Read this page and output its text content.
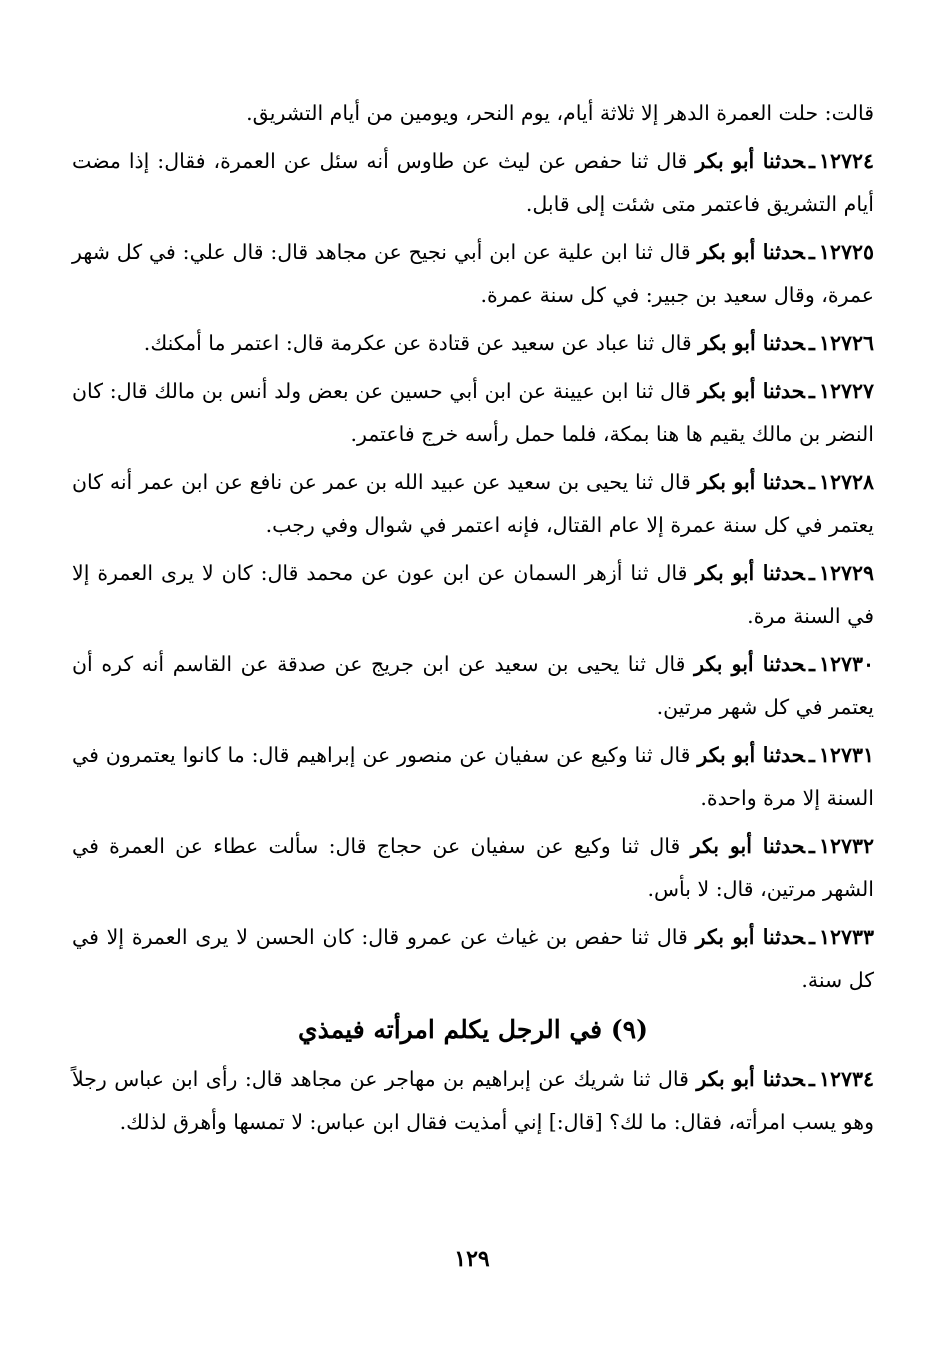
قالت: حلت العمرة الدهر إلا ثلاثة أيام، يوم النحر، ويومين من أيام التشريق.

١٢٧٢٤ـحدثنا أبو بكر قال ثنا حفص عن ليث عن طاوس أنه سئل عن العمرة، فقال: إذا مضت أيام التشريق فاعتمر متى شئت إلى قابل.

١٢٧٢٥ـحدثنا أبو بكر قال ثنا ابن علية عن ابن أبي نجيح عن مجاهد قال: قال علي: في كل شهر عمرة، وقال سعيد بن جبير: في كل سنة عمرة.

١٢٧٢٦ـحدثنا أبو بكر قال ثنا عباد عن سعيد عن قتادة عن عكرمة قال: اعتمر ما أمكنك.

١٢٧٢٧ـحدثنا أبو بكر قال ثنا ابن عيينة عن ابن أبي حسين عن بعض ولد أنس بن مالك قال: كان النضر بن مالك يقيم ها هنا بمكة، فلما حمل رأسه خرج فاعتمر.

١٢٧٢٨ـحدثنا أبو بكر قال ثنا يحيى بن سعيد عن عبيد الله بن عمر عن نافع عن ابن عمر أنه كان يعتمر في كل سنة عمرة إلا عام القتال، فإنه اعتمر في شوال وفي رجب.

١٢٧٢٩ـحدثنا أبو بكر قال ثنا أزهر السمان عن ابن عون عن محمد قال: كان لا يرى العمرة إلا في السنة مرة.

١٢٧٣٠ـحدثنا أبو بكر قال ثنا يحيى بن سعيد عن ابن جريج عن صدقة عن القاسم أنه كره أن يعتمر في كل شهر مرتين.

١٢٧٣١ـحدثنا أبو بكر قال ثنا وكيع عن سفيان عن منصور عن إبراهيم قال: ما كانوا يعتمرون في السنة إلا مرة واحدة.

١٢٧٣٢ـحدثنا أبو بكر قال ثنا وكيع عن سفيان عن حجاج قال: سألت عطاء عن العمرة في الشهر مرتين، قال: لا بأس.

١٢٧٣٣ـحدثنا أبو بكر قال ثنا حفص بن غياث عن عمرو قال: كان الحسن لا يرى العمرة إلا في كل سنة.

(٩) في الرجل يكلم امرأته فيمذي

١٢٧٣٤ـحدثنا أبو بكر قال ثنا شريك عن إبراهيم بن مهاجر عن مجاهد قال: رأى ابن عباس رجلاً وهو يسب امرأته، فقال: ما لك؟ [قال:] إني أمذيت فقال ابن عباس: لا تمسها وأهرق لذلك.

١٢٩
